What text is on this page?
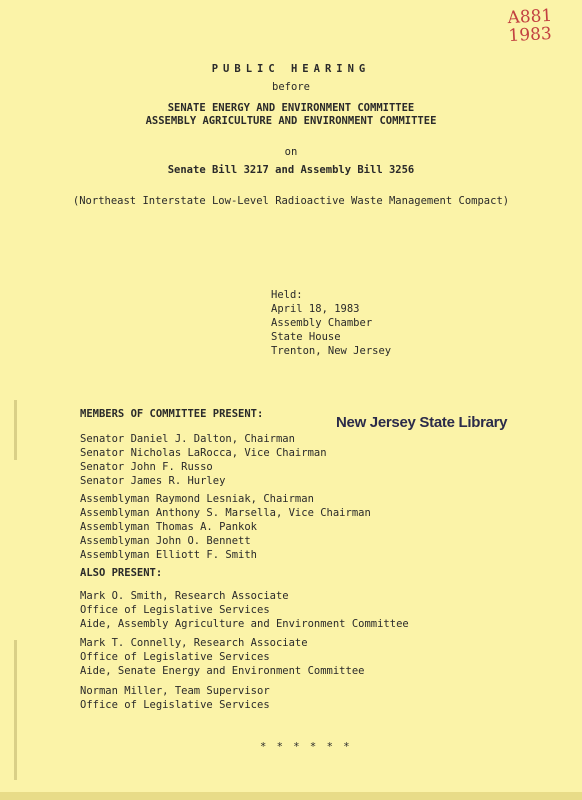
A881
1983
PUBLIC HEARING
before
SENATE ENERGY AND ENVIRONMENT COMMITTEE
ASSEMBLY AGRICULTURE AND ENVIRONMENT COMMITTEE
on
Senate Bill 3217 and Assembly Bill 3256
(Northeast Interstate Low-Level Radioactive Waste Management Compact)
Held:
April 18, 1983
Assembly Chamber
State House
Trenton, New Jersey
MEMBERS OF COMMITTEE PRESENT:	New Jersey State Library
Senator Daniel J. Dalton, Chairman
Senator Nicholas LaRocca, Vice Chairman
Senator John F. Russo
Senator James R. Hurley
Assemblyman Raymond Lesniak, Chairman
Assemblyman Anthony S. Marsella, Vice Chairman
Assemblyman Thomas A. Pankok
Assemblyman John O. Bennett
Assemblyman Elliott F. Smith
ALSO PRESENT:
Mark O. Smith, Research Associate
Office of Legislative Services
Aide, Assembly Agriculture and Environment Committee
Mark T. Connelly, Research Associate
Office of Legislative Services
Aide, Senate Energy and Environment Committee
Norman Miller, Team Supervisor
Office of Legislative Services
* * * * * *
